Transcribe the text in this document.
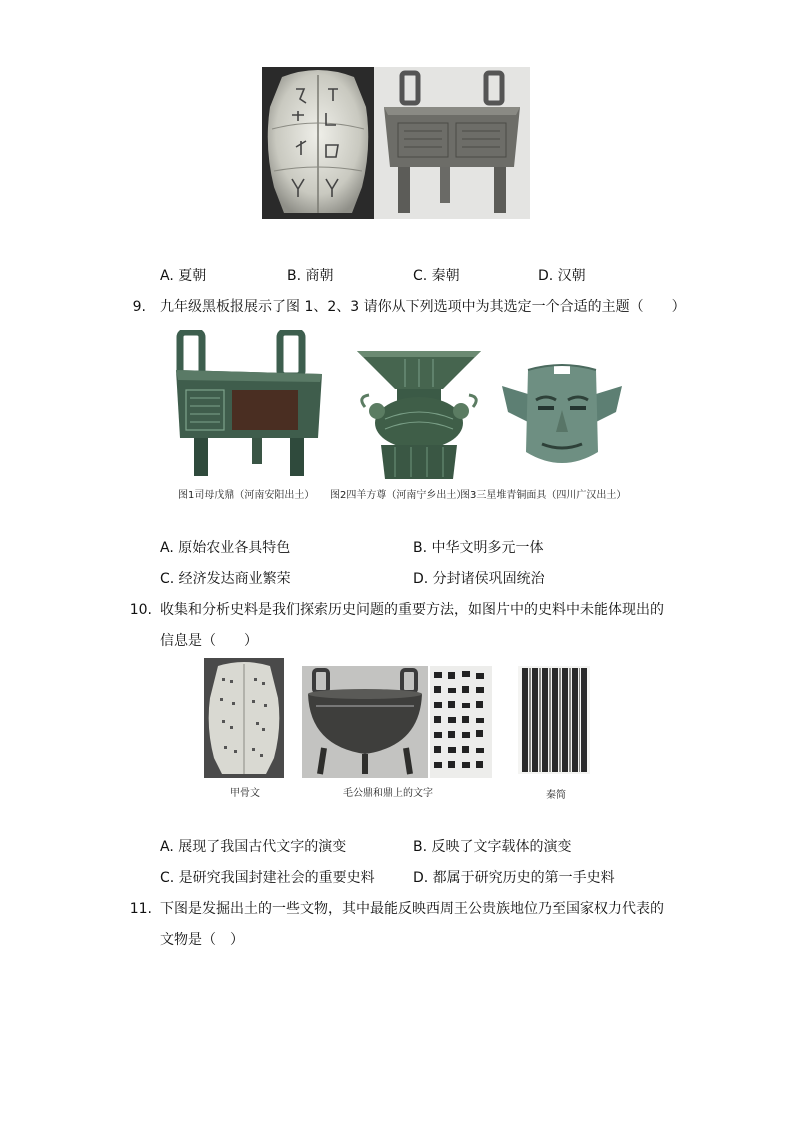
A. 夏朝	B. 商朝	C. 秦朝	D. 汉朝
9. 九年级黑板报展示了图 1、2、3 请你从下列选项中为其选定一个合适的主题（　　）
图1司母戊鼎（河南安阳出土） 图2四羊方尊（河南宁乡出土）
图3三星堆青铜面具（四川广汉出土）
A. 原始农业各具特色	B. 中华文明多元一体
C. 经济发达商业繁荣	D. 分封诸侯巩固统治
10. 收集和分析史料是我们探索历史问题的重要方法，如图片中的史料中未能体现出的
信息是（　　）
甲骨文	毛公鼎和鼎上的文字	秦简
A. 展现了我国古代文字的演变	B. 反映了文字载体的演变
C. 是研究我国封建社会的重要史料	D. 都属于研究历史的第一手史料
11. 下图是发掘出土的一些文物，其中最能反映西周王公贵族地位乃至国家权力代表的
文物是（　）
